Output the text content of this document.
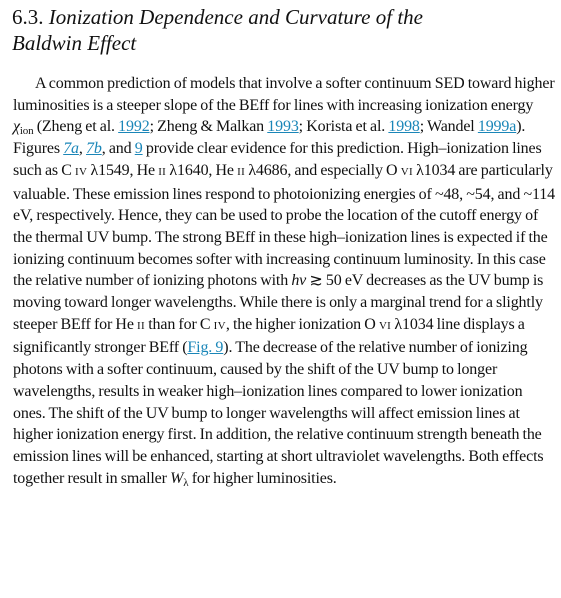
6.3. Ionization Dependence and Curvature of the
Baldwin Effect

A common prediction of models that involve a softer continuum SED toward higher luminosities is a steeper slope of the BEff for lines with increasing ionization energy $\chi_{ion}$ (Zheng et al. 1992; Zheng & Malkan 1993; Korista et al. 1998; Wandel 1999a). Figures 7a, 7b, and 9 provide clear evidence for this prediction. High–ionization lines such as C IV λ1549, He II λ1640, He II λ4686, and especially O VI λ1034 are particularly valuable. These emission lines respond to photoionizing energies of ~48, ~54, and ~114 eV, respectively. Hence, they can be used to probe the location of the cutoff energy of the thermal UV bump. The strong BEff in these high–ionization lines is expected if the ionizing continuum becomes softer with increasing continuum luminosity. In this case the relative number of ionizing photons with hν ≳ 50 eV decreases as the UV bump is moving toward longer wavelengths. While there is only a marginal trend for a slightly steeper BEff for He II than for C IV, the higher ionization O VI λ1034 line displays a significantly stronger BEff (Fig. 9). The decrease of the relative number of ionizing photons with a softer continuum, caused by the shift of the UV bump to longer wavelengths, results in weaker high–ionization lines compared to lower ionization ones. The shift of the UV bump to longer wavelengths will affect emission lines at higher ionization energy first. In addition, the relative continuum strength beneath the emission lines will be enhanced, starting at short ultraviolet wavelengths. Both effects together result in smaller $W_\lambda$ for higher luminosities.
